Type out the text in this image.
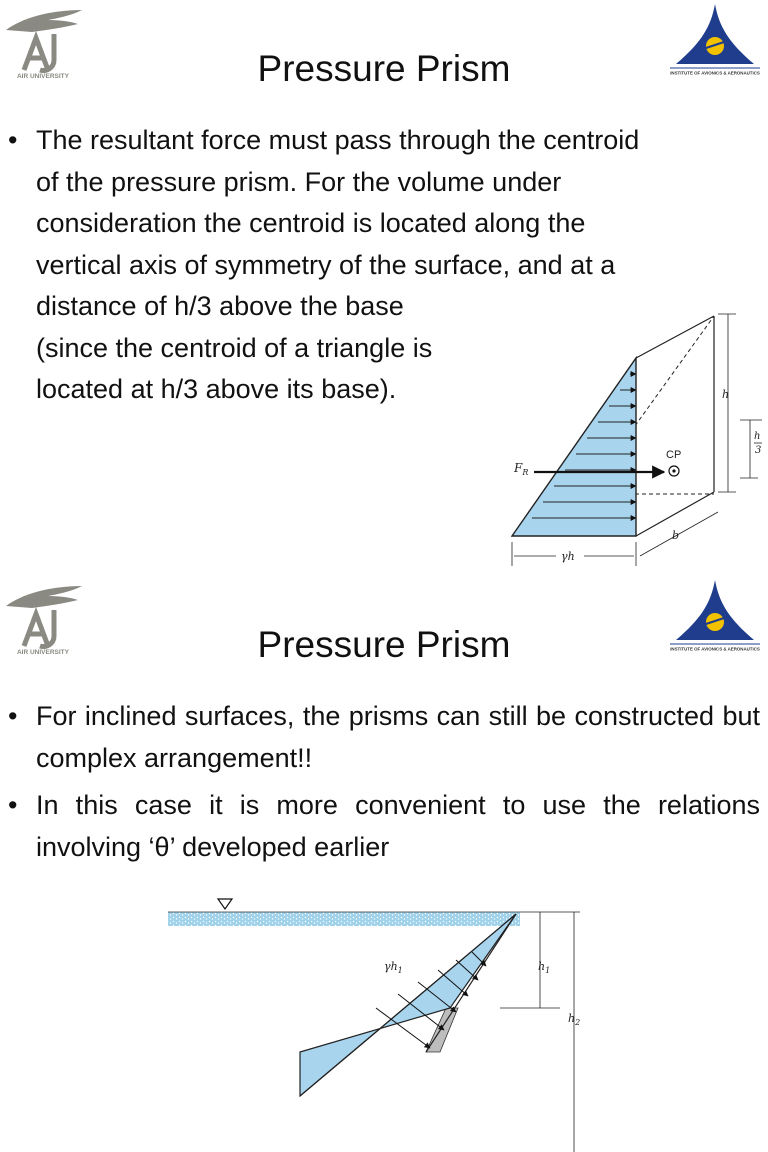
AIR UNIVERSITY	Pressure Prism	INSTITUTE OF AVIONICS & AERONAUTICS
• The resultant force must pass through the centroid
of the pressure prism. For the volume under
consideration the centroid is located along the
vertical axis of symmetry of the surface, and at a
distance of h/3 above the base
(since the centroid of a triangle is
located at h/3 above its base).
CP
$F_R$
h
h
3
b
γh
AIR UNIVERSITY	Pressure Prism	INSTITUTE OF AVIONICS & AERONAUTICS
• For inclined surfaces, the prisms can still be constructed but complex arrangement!!
• In this case it is more convenient to use the relations involving ‘θ’ developed earlier
$\gamma h_1$	$h_1$
$h_2$
